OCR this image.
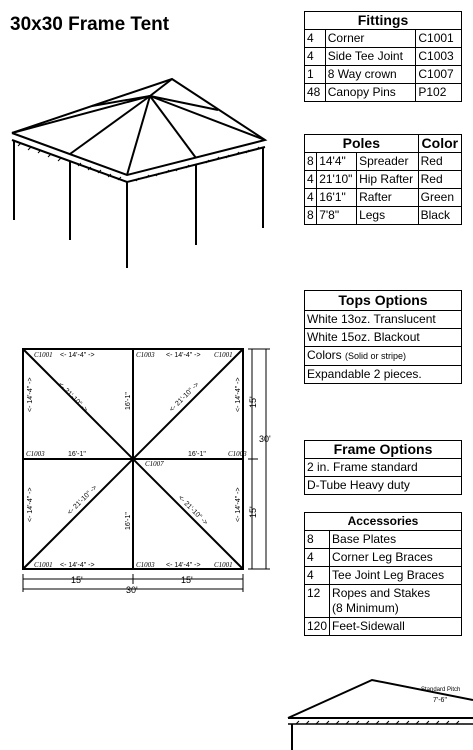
30x30 Frame Tent
C1001	C1001
C1001	C1001
C1003
C1003
C1003	C1003
C1007
<- 14'-4" ->	<- 14'-4" ->
<- 14'-4" ->	<- 14'-4" ->
16'-1"	16'-1"
16'-1"
16'-1"
<- 14'-4" ->
<- 14'-4" ->
<- 14'-4" ->
<- 14'-4" ->
<- 21'-10" ->	<- 21'-10" ->
<- 21'-10" ->	<- 21'-10" ->
15'
15'
30'
15'	15'
30'
Standard Pitch
7'-6"
Fittings		
4	Corner	C1001
4	Side Tee Joint	C1003
1	8 Way crown	C1007
48	Canopy Pins	P102
Poles			Color
8	14'4"	Spreader	Red
4	21'10"	Hip Rafter	Red
4	16'1"	Rafter	Green
8	7'8"	Legs	Black
Tops Options
White 13oz. Translucent
White 15oz. Blackout
Colors (Solid or stripe)
Expandable 2 pieces.
Frame Options
2 in. Frame standard
D-Tube Heavy duty
Accessories	
8	Base Plates
4	Corner Leg Braces
4	Tee Joint Leg Braces
12	Ropes and Stakes
(8 Minimum)

120	Feet-Sidewall
